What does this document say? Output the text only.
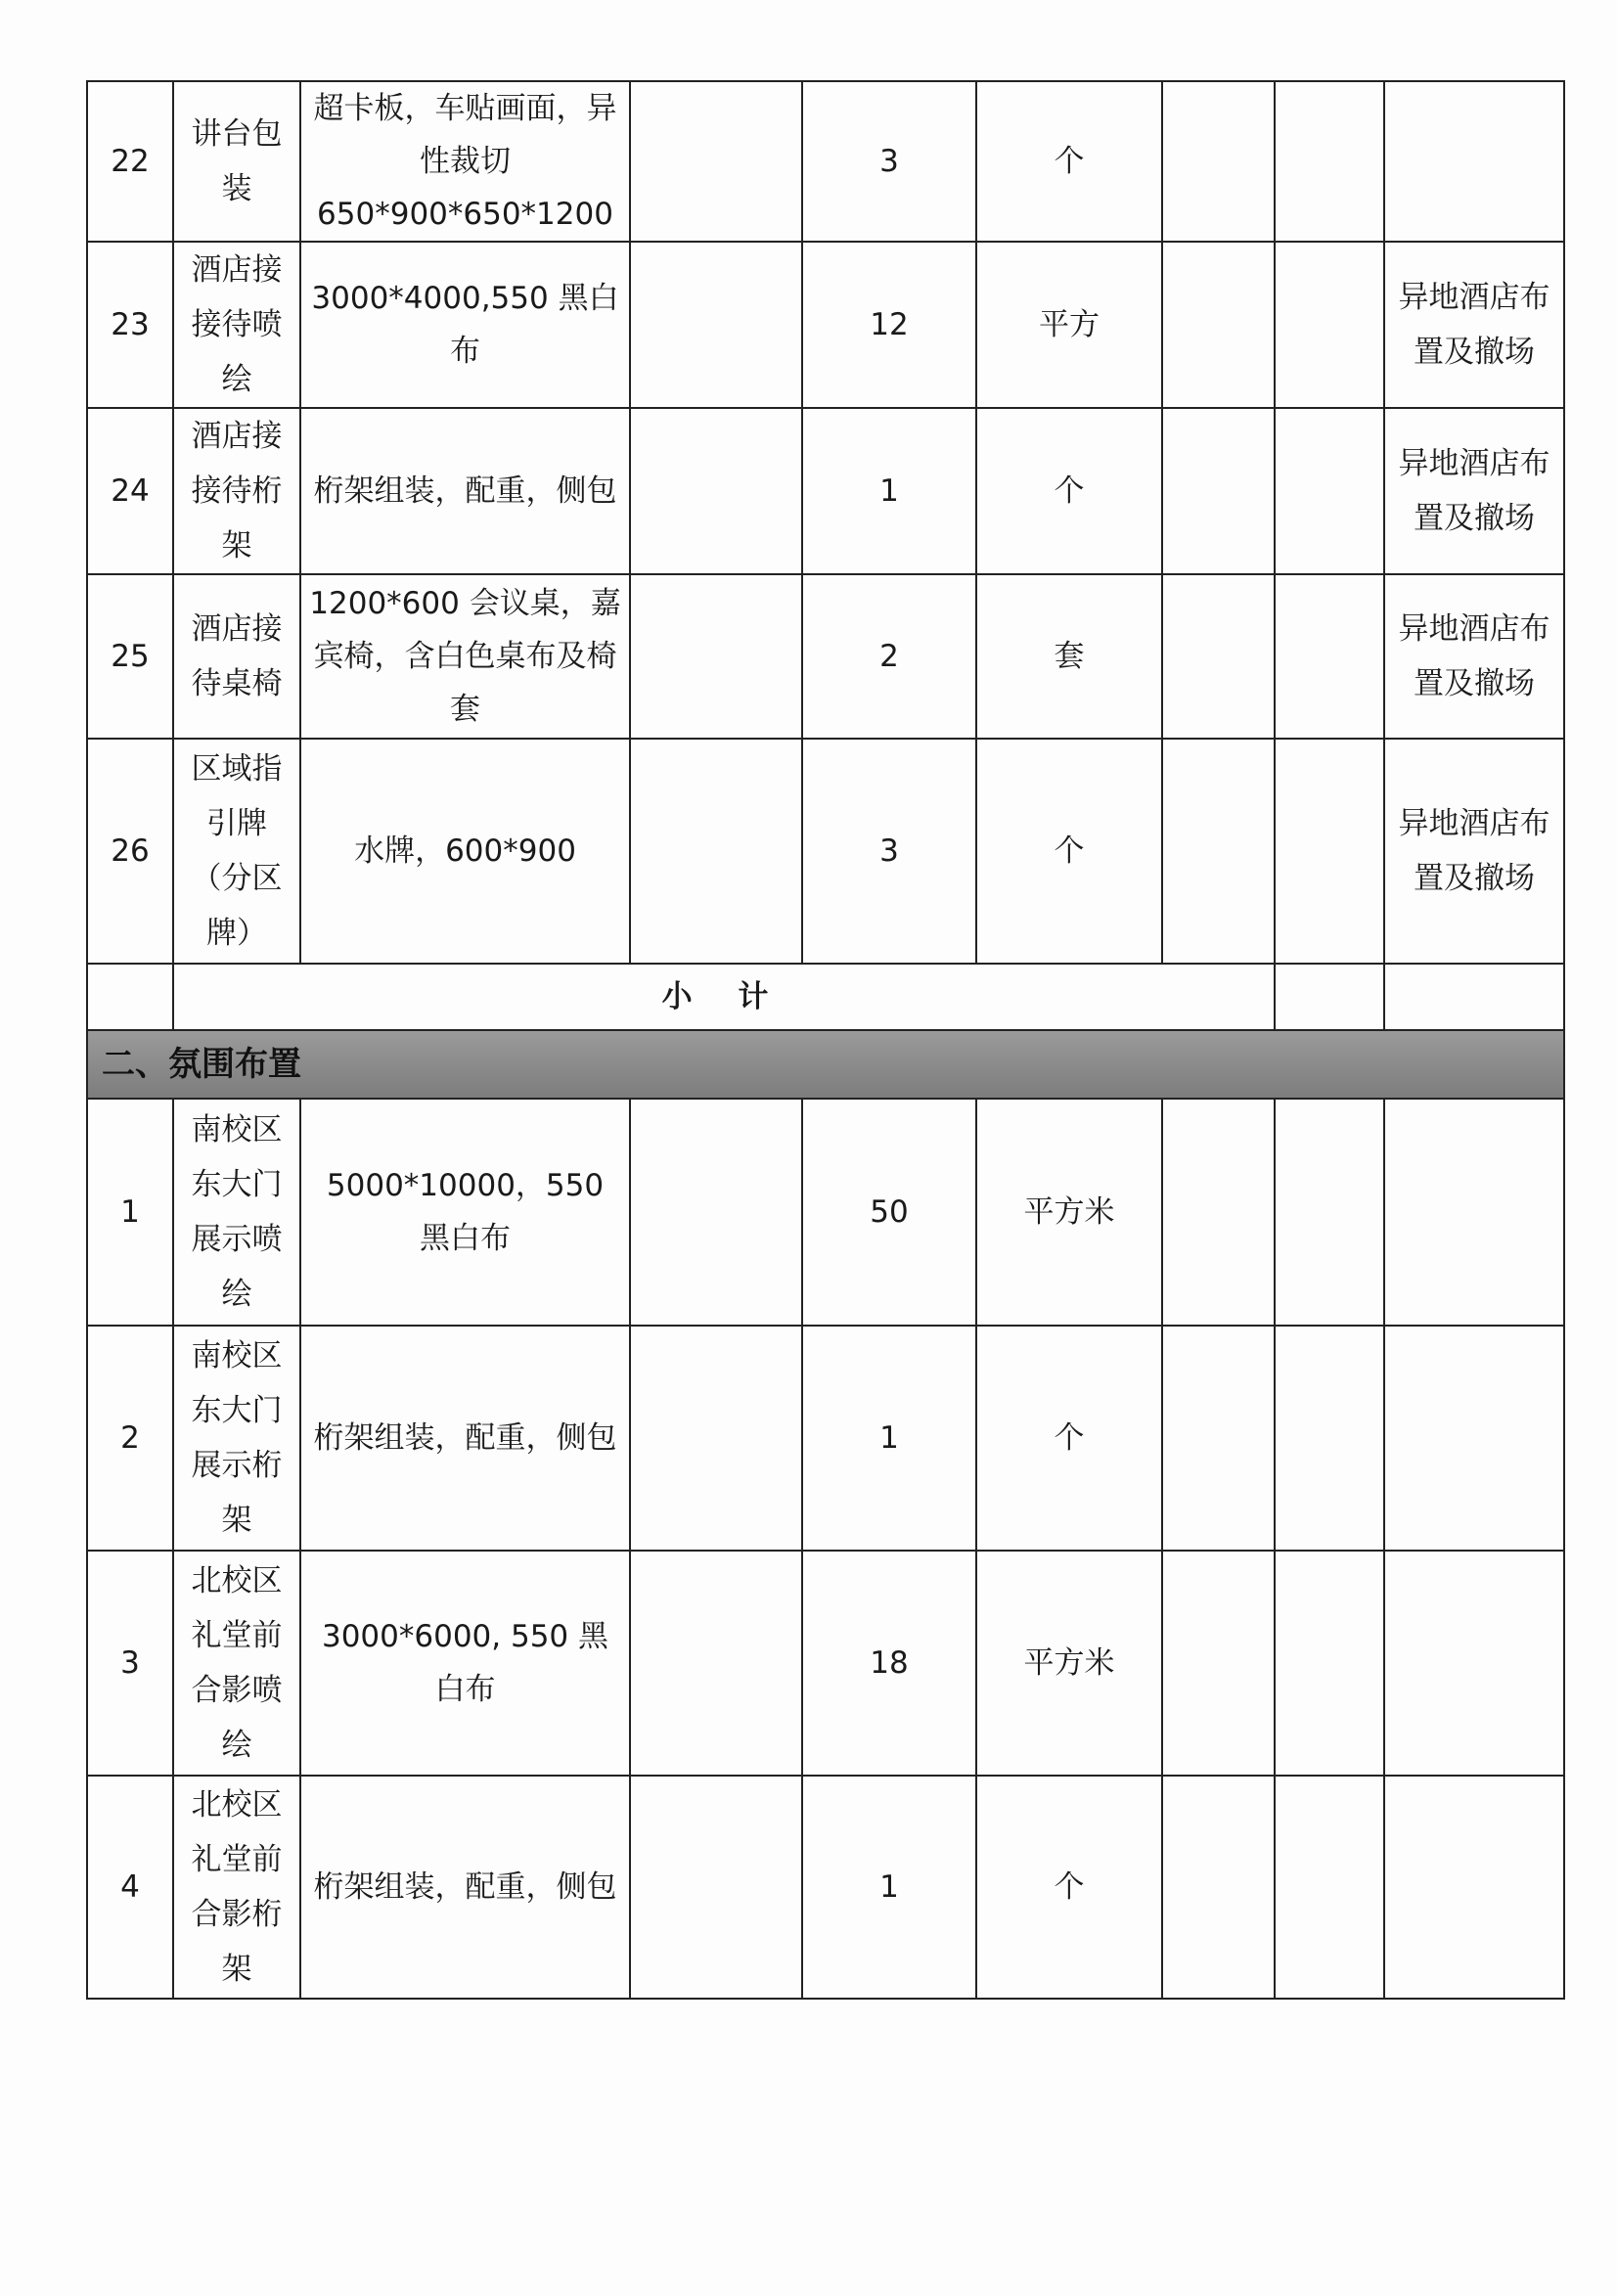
22	讲台包装	超卡板，车贴画面，异性裁切650*900*650*1200		3	个			
23	酒店接接待喷绘	3000*4000,550 黑白布		12	平方			异地酒店布置及撤场
24	酒店接接待桁架	桁架组装，配重，侧包		1	个			异地酒店布置及撤场
25	酒店接待桌椅	1200*600 会议桌，嘉宾椅，含白色桌布及椅套		2	套			异地酒店布置及撤场
26	区域指引牌（分区牌）	水牌，600*900		3	个			异地酒店布置及撤场
	小 计							
二、氛围布置								
1	南校区东大门展示喷绘	5000*10000，550 黑白布		50	平方米			
2	南校区东大门展示桁架	桁架组装，配重，侧包		1	个			
3	北校区礼堂前合影喷绘	3000*6000, 550 黑白布		18	平方米			
4	北校区礼堂前合影桁架	桁架组装，配重，侧包		1	个			
